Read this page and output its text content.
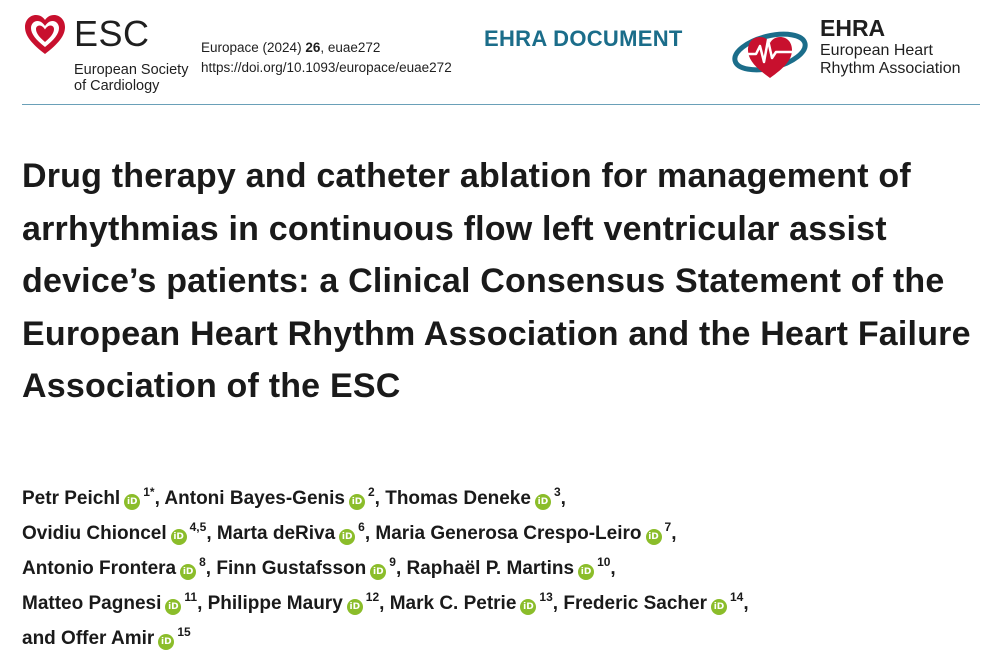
ESC
European Society
of Cardiology
Europace (2024) 26, euae272
https://doi.org/10.1093/europace/euae272
EHRA DOCUMENT	EHRA
European Heart
Rhythm Association
Drug therapy and catheter ablation for management of arrhythmias in continuous flow left ventricular assist device’s patients: a Clinical Consensus Statement of the European Heart Rhythm Association and the Heart Failure Association of the ESC
Petr Peichl $iD^{1*}$, Antoni Bayes-Genis $iD^2$, Thomas Deneke $iD^3$,
Ovidiu Chioncel iD$^{4,5}$, Marta deRiva $iD^6$, Maria Generosa Crespo-Leiro $iD^7$,
Antonio Frontera $iD^8$, Finn Gustafsson $iD^9$, Raphaël P. Martins $iD^{10}$,
Matteo Pagnesi $iD^{11}$, Philippe Maury $iD^{12}$, Mark C. Petrie $iD^{13}$, Frederic Sacher $iD^{14}$,
and Offer Amir $iD^{15}$
